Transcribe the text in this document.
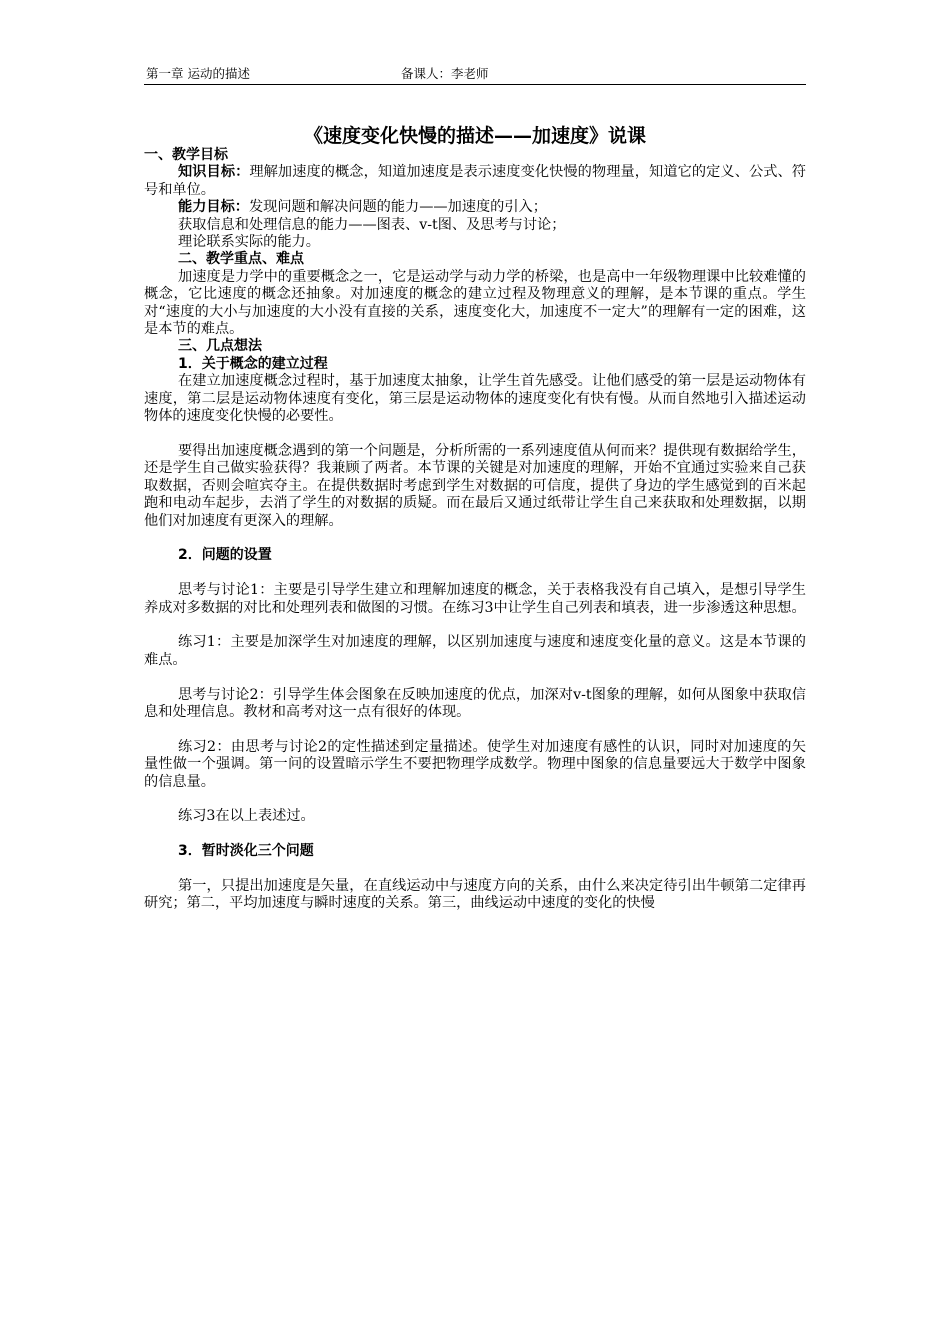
第一章 运动的描述	备课人：李老师
《速度变化快慢的描述——加速度》说课

一、教学目标

知识目标：理解加速度的概念，知道加速度是表示速度变化快慢的物理量，知道它的定义、公式、符号和单位。

能力目标：发现问题和解决问题的能力——加速度的引入；

获取信息和处理信息的能力——图表、v-t图、及思考与讨论；

理论联系实际的能力。

二、教学重点、难点

加速度是力学中的重要概念之一，它是运动学与动力学的桥梁，也是高中一年级物理课中比较难懂的概念，它比速度的概念还抽象。对加速度的概念的建立过程及物理意义的理解，是本节课的重点。学生对“速度的大小与加速度的大小没有直接的关系，速度变化大，加速度不一定大”的理解有一定的困难，这是本节的难点。

三、几点想法

1．关于概念的建立过程

在建立加速度概念过程时，基于加速度太抽象，让学生首先感受。让他们感受的第一层是运动物体有速度，第二层是运动物体速度有变化，第三层是运动物体的速度变化有快有慢。从而自然地引入描述运动物体的速度变化快慢的必要性。

要得出加速度概念遇到的第一个问题是，分析所需的一系列速度值从何而来？提供现有数据给学生，还是学生自己做实验获得？我兼顾了两者。本节课的关键是对加速度的理解，开始不宜通过实验来自己获取数据，否则会喧宾夺主。在提供数据时考虑到学生对数据的可信度，提供了身边的学生感觉到的百米起跑和电动车起步，去消了学生的对数据的质疑。而在最后又通过纸带让学生自己来获取和处理数据，以期他们对加速度有更深入的理解。

2．问题的设置

思考与讨论1：主要是引导学生建立和理解加速度的概念，关于表格我没有自己填入，是想引导学生养成对多数据的对比和处理列表和做图的习惯。在练习3中让学生自己列表和填表，进一步渗透这种思想。

练习1：主要是加深学生对加速度的理解，以区别加速度与速度和速度变化量的意义。这是本节课的难点。

思考与讨论2：引导学生体会图象在反映加速度的优点，加深对v-t图象的理解，如何从图象中获取信息和处理信息。教材和高考对这一点有很好的体现。

练习2：由思考与讨论2的定性描述到定量描述。使学生对加速度有感性的认识，同时对加速度的矢量性做一个强调。第一问的设置暗示学生不要把物理学成数学。物理中图象的信息量要远大于数学中图象的信息量。

练习3在以上表述过。

3．暂时淡化三个问题

第一，只提出加速度是矢量，在直线运动中与速度方向的关系，由什么来决定待引出牛顿第二定律再研究；第二，平均加速度与瞬时速度的关系。第三，曲线运动中速度的变化的快慢
